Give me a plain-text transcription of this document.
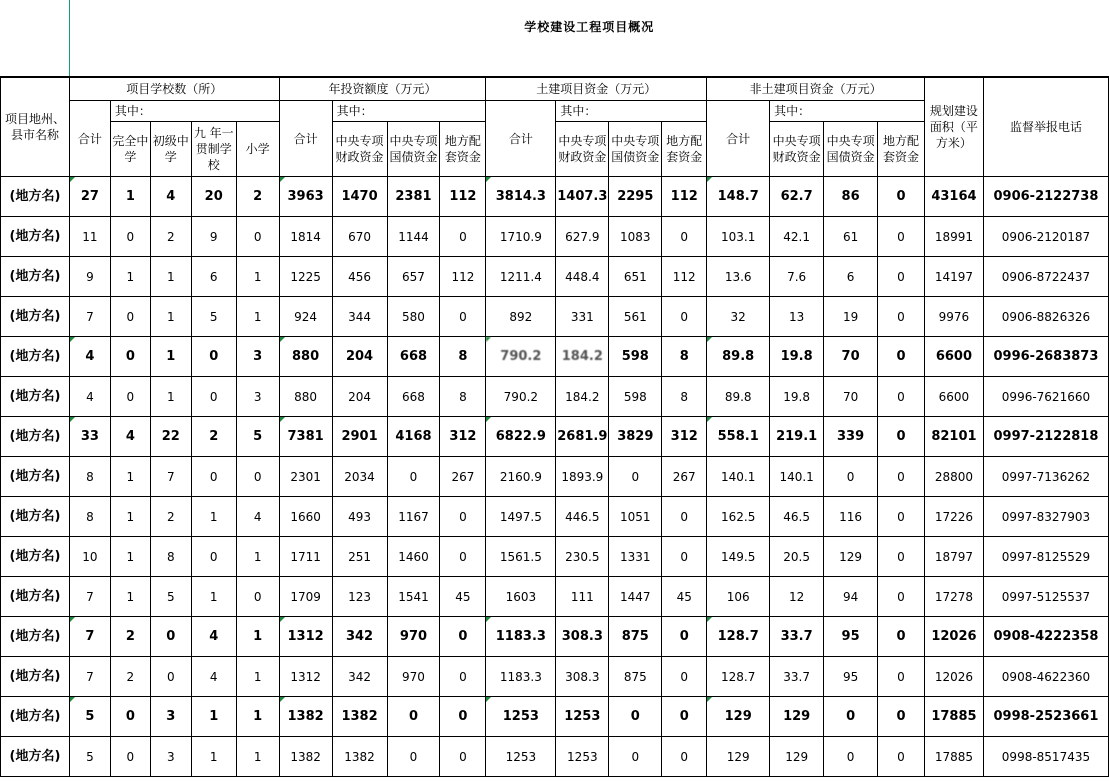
	学校建设工程项目概况																		

项目地州、县市名称	项目学校数（所）					年投资额度（万元）				土建项目资金（万元）				非土建项目资金（万元）				规划建设面积（平方米）	监督举报电话
	合计	其中：				合计	其中：			合计	其中：			合计	其中：				
		完全中学	初级中学	九 年一贯制学 校	小学		中央专项财政资金	中央专项国债资金	地方配套资金		中央专项财政资金	中央专项国债资金	地方配套资金		中央专项财政资金	中央专项国债资金	地方配套资金		
(地方名)	27	1	4	20	2	3963	1470	2381	112	3814.3	1407.3	2295	112	148.7	62.7	86	0	43164	0906-2122738
(地方名)	11	0	2	9	0	1814	670	1144	0	1710.9	627.9	1083	0	103.1	42.1	61	0	18991	0906-2120187
(地方名)	9	1	1	6	1	1225	456	657	112	1211.4	448.4	651	112	13.6	7.6	6	0	14197	0906-8722437
(地方名)	7	0	1	5	1	924	344	580	0	892	331	561	0	32	13	19	0	9976	0906-8826326
(地方名)	4	0	1	0	3	880	204	668	8	790.2	184.2	598	8	89.8	19.8	70	0	6600	0996-2683873
(地方名)	4	0	1	0	3	880	204	668	8	790.2	184.2	598	8	89.8	19.8	70	0	6600	0996-7621660
(地方名)	33	4	22	2	5	7381	2901	4168	312	6822.9	2681.9	3829	312	558.1	219.1	339	0	82101	0997-2122818
(地方名)	8	1	7	0	0	2301	2034	0	267	2160.9	1893.9	0	267	140.1	140.1	0	0	28800	0997-7136262
(地方名)	8	1	2	1	4	1660	493	1167	0	1497.5	446.5	1051	0	162.5	46.5	116	0	17226	0997-8327903
(地方名)	10	1	8	0	1	1711	251	1460	0	1561.5	230.5	1331	0	149.5	20.5	129	0	18797	0997-8125529
(地方名)	7	1	5	1	0	1709	123	1541	45	1603	111	1447	45	106	12	94	0	17278	0997-5125537
(地方名)	7	2	0	4	1	1312	342	970	0	1183.3	308.3	875	0	128.7	33.7	95	0	12026	0908-4222358
(地方名)	7	2	0	4	1	1312	342	970	0	1183.3	308.3	875	0	128.7	33.7	95	0	12026	0908-4622360
(地方名)	5	0	3	1	1	1382	1382	0	0	1253	1253	0	0	129	129	0	0	17885	0998-2523661
(地方名)	5	0	3	1	1	1382	1382	0	0	1253	1253	0	0	129	129	0	0	17885	0998-8517435
